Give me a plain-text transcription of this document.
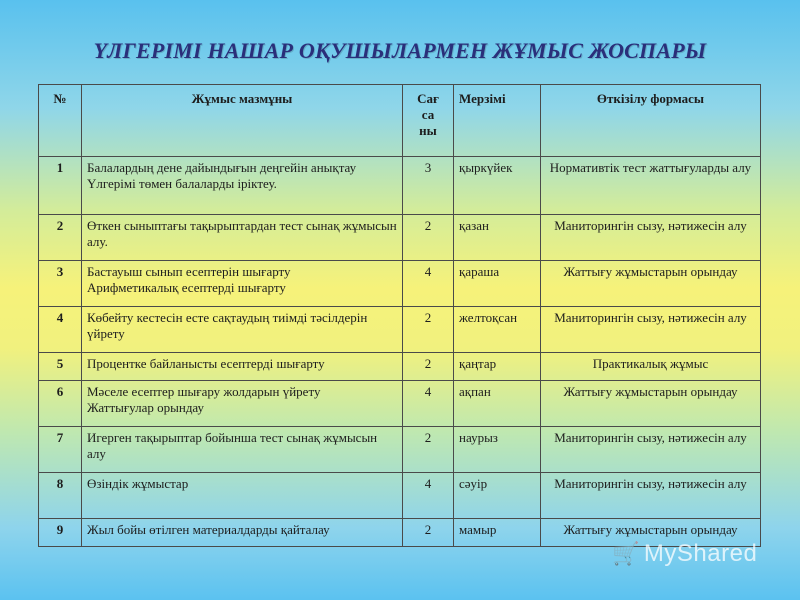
ҮЛГЕРІМІ НАШАР ОҚУШЫЛАРМЕН ЖҰМЫС ЖОСПАРЫ
№	Жұмыс мазмұны	Сағ
са
ны	Мерзімі	Өткізілу формасы
1	Балалардың дене дайындығын деңгейін анықтау
Үлгерімі төмен балаларды іріктеу.	3	қыркүйек	Нормативтік тест жаттығуларды алу
2	Өткен сыныптағы тақырыптардан тест сынақ жұмысын алу.	2	қазан	Маниторингін сызу, нәтижесін алу
3	Бастауыш сынып есептерін шығарту
Арифметикалық есептерді шығарту	4	қараша	Жаттығу жұмыстарын орындау
4	Көбейту кестесін есте сақтаудың тиімді тәсілдерін үйрету	2	желтоқсан	Маниторингін сызу, нәтижесін алу
5	Процентке байланысты есептерді шығарту	2	қаңтар	Практикалық жұмыс
6	Мәселе есептер шығару жолдарын үйрету
Жаттығулар орындау	4	ақпан	Жаттығу жұмыстарын орындау
7	Игерген тақырыптар бойынша тест сынақ жұмысын алу	2	наурыз	Маниторингін сызу, нәтижесін алу
8	Өзіндік жұмыстар	4	сәуір	Маниторингін сызу, нәтижесін алу
9	Жыл бойы өтілген материалдарды қайталау	2	мамыр	Жаттығу жұмыстарын орындау
🛒 MyShared
